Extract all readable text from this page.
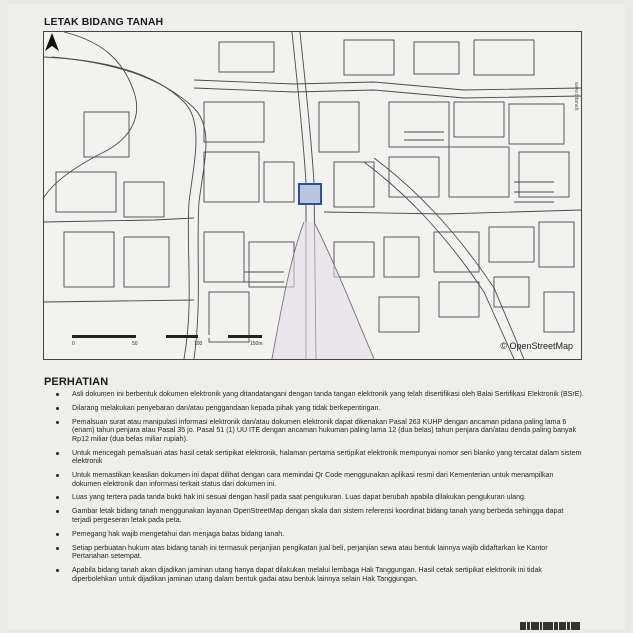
LETAK BIDANG TANAH
www.bitanah
0	50	100	150m	© OpenStreetMap
PERHATIAN
Asli dokumen ini berbentuk dokumen elektronik yang ditandatangani dengan tanda tangan elektronik yang telah disertifikasi oleh Balai Sertifikasi Elektronik (BSrE).
Dilarang melakukan penyebaran dan/atau penggandaan kepada pihak yang tidak berkepentingan.
Pemalsuan surat atau manipulasi informasi elektronik dan/atau dokumen elektronik dapat dikenakan Pasal 263 KUHP dengan ancaman pidana paling lama 6 (enam) tahun penjara atau Pasal 35 jo. Pasal 51 (1) UU ITE dengan ancaman hukuman paling lama 12 (dua belas) tahun penjara dan/atau denda paling banyak Rp12 miliar (dua belas miliar rupiah).
Untuk mencegah pemalsuan atas hasil cetak sertipikat elektronik, halaman pertama sertipikat elektronik mempunyai nomor seri blanko yang tercatat dalam sistem elektronik
Untuk memastikan keaslian dokumen ini dapat dilihat dengan cara memindai Qr Code menggunakan aplikasi resmi dari Kementerian untuk menampilkan dokumen elektronik dan informasi terkait status dari dokumen ini.
Luas yang tertera pada tanda bukti hak ini sesuai dengan hasil pada saat pengukuran. Luas dapat berubah apabila dilakukan pengukuran ulang.
Gambar letak bidang tanah menggunakan layanan OpenStreetMap dengan skala dan sistem referensi koordinat bidang tanah yang berbeda sehingga dapat terjadi pergeseran letak pada peta.
Pemegang hak wajib mengetahui dan menjaga batas bidang tanah.
Setiap perbuatan hukum atas bidang tanah ini termasuk perjanjian pengikatan jual beli, perjanjian sewa atau bentuk lainnya wajib didaftarkan ke Kantor Pertanahan setempat.
Apabila bidang tanah akan dijadikan jaminan utang hanya dapat dilakukan melalui lembaga Hak Tanggungan. Hasil cetak sertipikat elektronik ini tidak diperbolehkan untuk dijadikan jaminan utang dalam bentuk gadai atau bentuk lainnya selain Hak Tanggungan.
